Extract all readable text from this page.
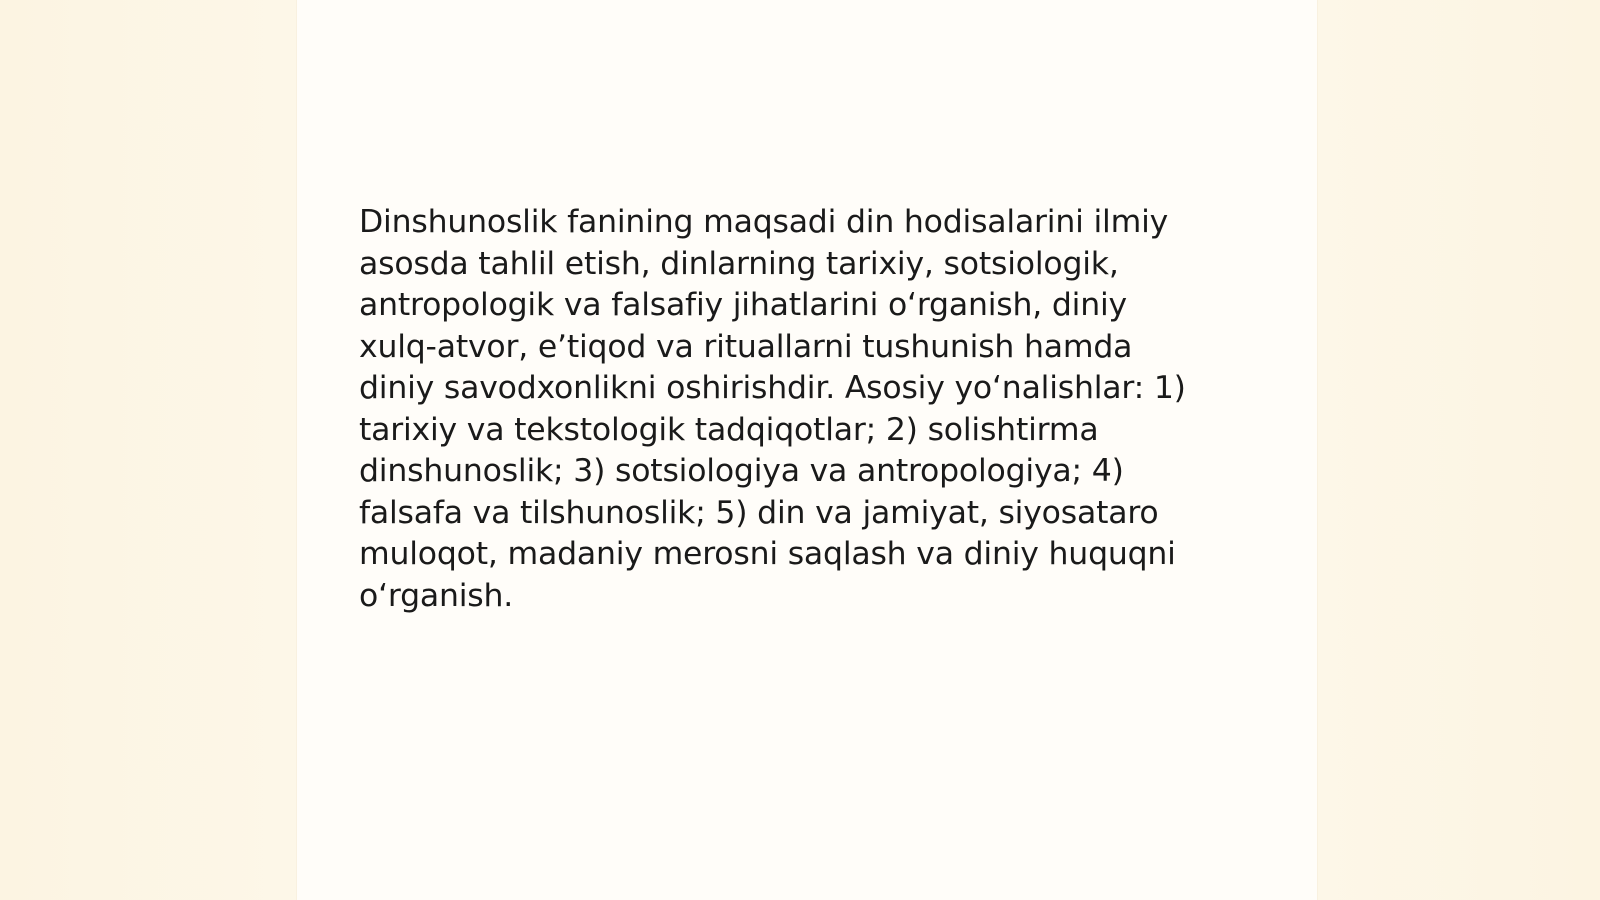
Dinshunoslik fanining maqsadi din hodisalarini ilmiy
asosda tahlil etish, dinlarning tarixiy, sotsiologik,
antropologik va falsafiy jihatlarini o‘rganish, diniy
xulq-atvor, e’tiqod va rituallarni tushunish hamda
diniy savodxonlikni oshirishdir. Asosiy yo‘nalishlar: 1)
tarixiy va tekstologik tadqiqotlar; 2) solishtirma
dinshunoslik; 3) sotsiologiya va antropologiya; 4)
falsafa va tilshunoslik; 5) din va jamiyat, siyosataro
muloqot, madaniy merosni saqlash va diniy huquqni
o‘rganish.
